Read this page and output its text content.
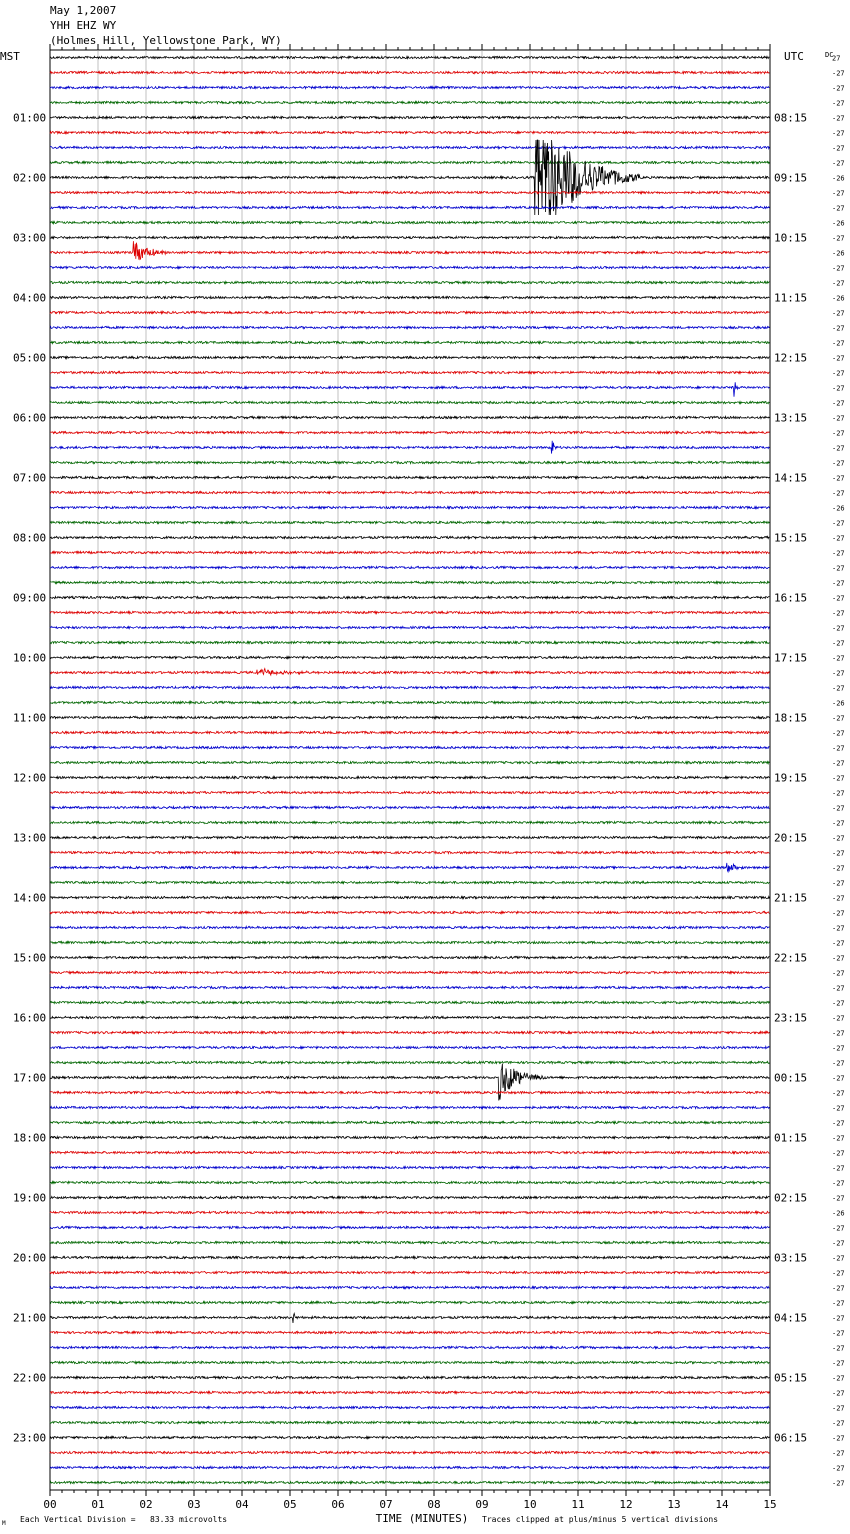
May 1,2007
YHH EHZ WY
(Holmes Hill, Yellowstone Park, WY)
MST	UTC
00	01	02	03	04	05	06	07	08	09	10	11	12	13	14	15
TIME (MINUTES)
27
-27
-27
-27
-27
-27
-27
-27
-26
-27
-27
-26
-27
-26
-27
-27
-26
-27
-27
-27
-27
-27
-27
-27
-27
-27
-27
-27
-27
-27
-26
-27
-27
-27
-27
-27
-27
-27
-27
-27
-27
-27
-27
-26
-27
-27
-27
-27
-27
-27
-27
-27
-27
-27
-27
-27
-27
-27
-27
-27
-27
-27
-27
-27
-27
-27
-27
-27
-27
-27
-27
-27
-27
-27
-27
-27
-27
-26
-27
-27
-27
-27
-27
-27
-27
-27
-27
-27
-27
-27
-27
-27
-27
-27
-27
-27
DC
01:00
02:00
03:00
04:00
05:00
06:00
07:00
08:00
09:00
10:00
11:00
12:00
13:00
14:00
15:00
16:00
17:00
18:00
19:00
20:00
21:00
22:00
23:00
08:15
09:15
10:15
11:15
12:15
13:15
14:15
15:15
16:15
17:15
18:15
19:15
20:15
21:15
22:15
23:15
00:15
01:15
02:15
03:15
04:15
05:15
06:15
M Each Vertical Division =   83.33 microvolts	Traces clipped at plus/minus 5 vertical divisions
